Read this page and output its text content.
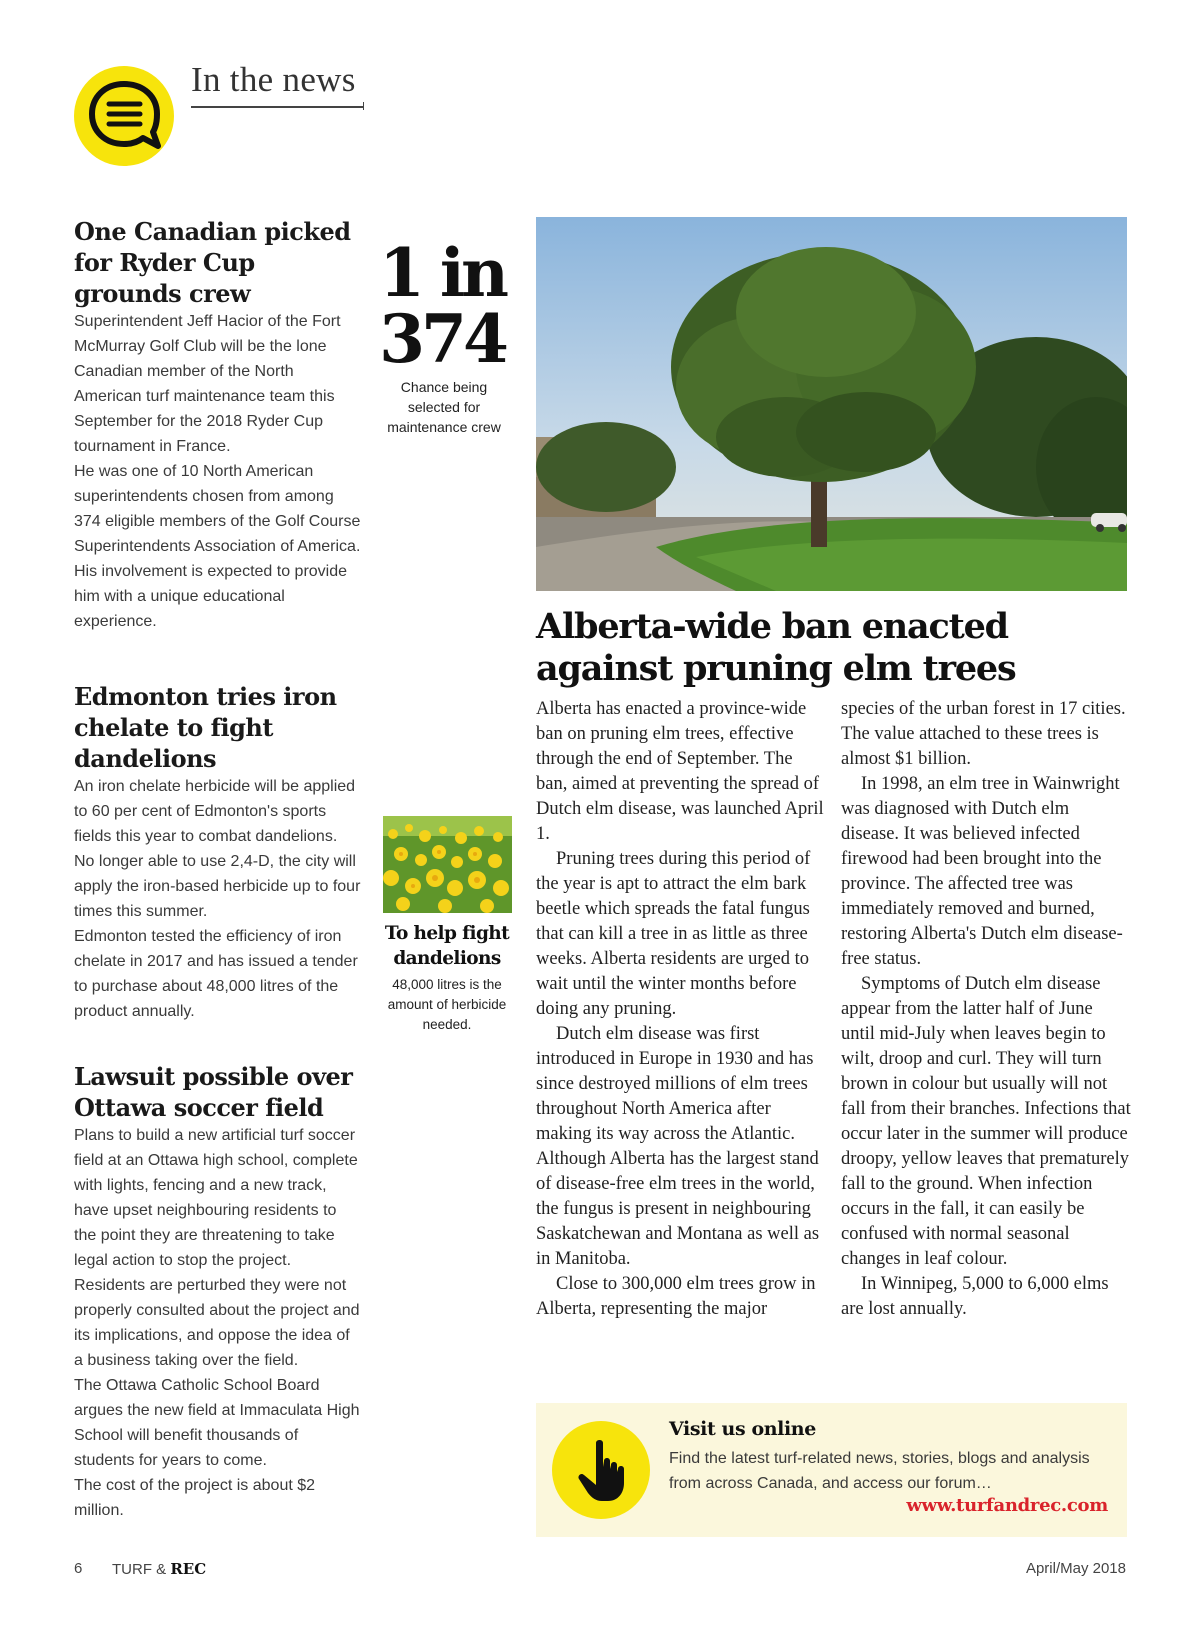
In the news
One Canadian picked for Ryder Cup grounds crew

Superintendent Jeff Hacior of the Fort McMurray Golf Club will be the lone Canadian member of the North American turf maintenance team this September for the 2018 Ryder Cup tournament in France.

He was one of 10 North American superintendents chosen from among 374 eligible members of the Golf Course Superintendents Association of America.

His involvement is expected to provide him with a unique educational experience.

Edmonton tries iron chelate to fight dandelions

An iron chelate herbicide will be applied to 60 per cent of Edmonton's sports fields this year to combat dandelions.

No longer able to use 2,4-D, the city will apply the iron-based herbicide up to four times this summer.

Edmonton tested the efficiency of iron chelate in 2017 and has issued a tender to purchase about 48,000 litres of the product annually.

Lawsuit possible over Ottawa soccer field

Plans to build a new artificial turf soccer field at an Ottawa high school, complete with lights, fencing and a new track, have upset neighbouring residents to the point they are threatening to take legal action to stop the project.

Residents are perturbed they were not properly consulted about the project and its implications, and oppose the idea of a business taking over the field.

The Ottawa Catholic School Board argues the new field at Immaculata High School will benefit thousands of students for years to come.

The cost of the project is about $2 million.

1 in
374
Chance being selected for maintenance crew
To help fight dandelions
48,000 litres is the amount of herbicide needed.
Alberta-wide ban enacted against pruning elm trees

Alberta has enacted a province-wide ban on pruning elm trees, effective through the end of September. The ban, aimed at preventing the spread of Dutch elm disease, was launched April 1.

Pruning trees during this period of the year is apt to attract the elm bark beetle which spreads the fatal fungus that can kill a tree in as little as three weeks. Alberta residents are urged to wait until the winter months before doing any pruning.

Dutch elm disease was first introduced in Europe in 1930 and has since destroyed millions of elm trees throughout North America after making its way across the Atlantic. Although Alberta has the largest stand of disease-free elm trees in the world, the fungus is present in neighbouring Saskatchewan and Montana as well as in Manitoba.

Close to 300,000 elm trees grow in Alberta, representing the major

species of the urban forest in 17 cities. The value attached to these trees is almost $1 billion.

In 1998, an elm tree in Wainwright was diagnosed with Dutch elm disease. It was believed infected firewood had been brought into the province. The affected tree was immediately removed and burned, restoring Alberta's Dutch elm disease-free status.

Symptoms of Dutch elm disease appear from the latter half of June until mid-July when leaves begin to wilt, droop and curl. They will turn brown in colour but usually will not fall from their branches. Infections that occur later in the summer will produce droopy, yellow leaves that prematurely fall to the ground. When infection occurs in the fall, it can easily be confused with normal seasonal changes in leaf colour.

In Winnipeg, 5,000 to 6,000 elms are lost annually.

Visit us online
Find the latest turf-related news, stories, blogs and analysis from across Canada, and access our forum…
www.turfandrec.com
6 TURF & REC	April/May 2018
